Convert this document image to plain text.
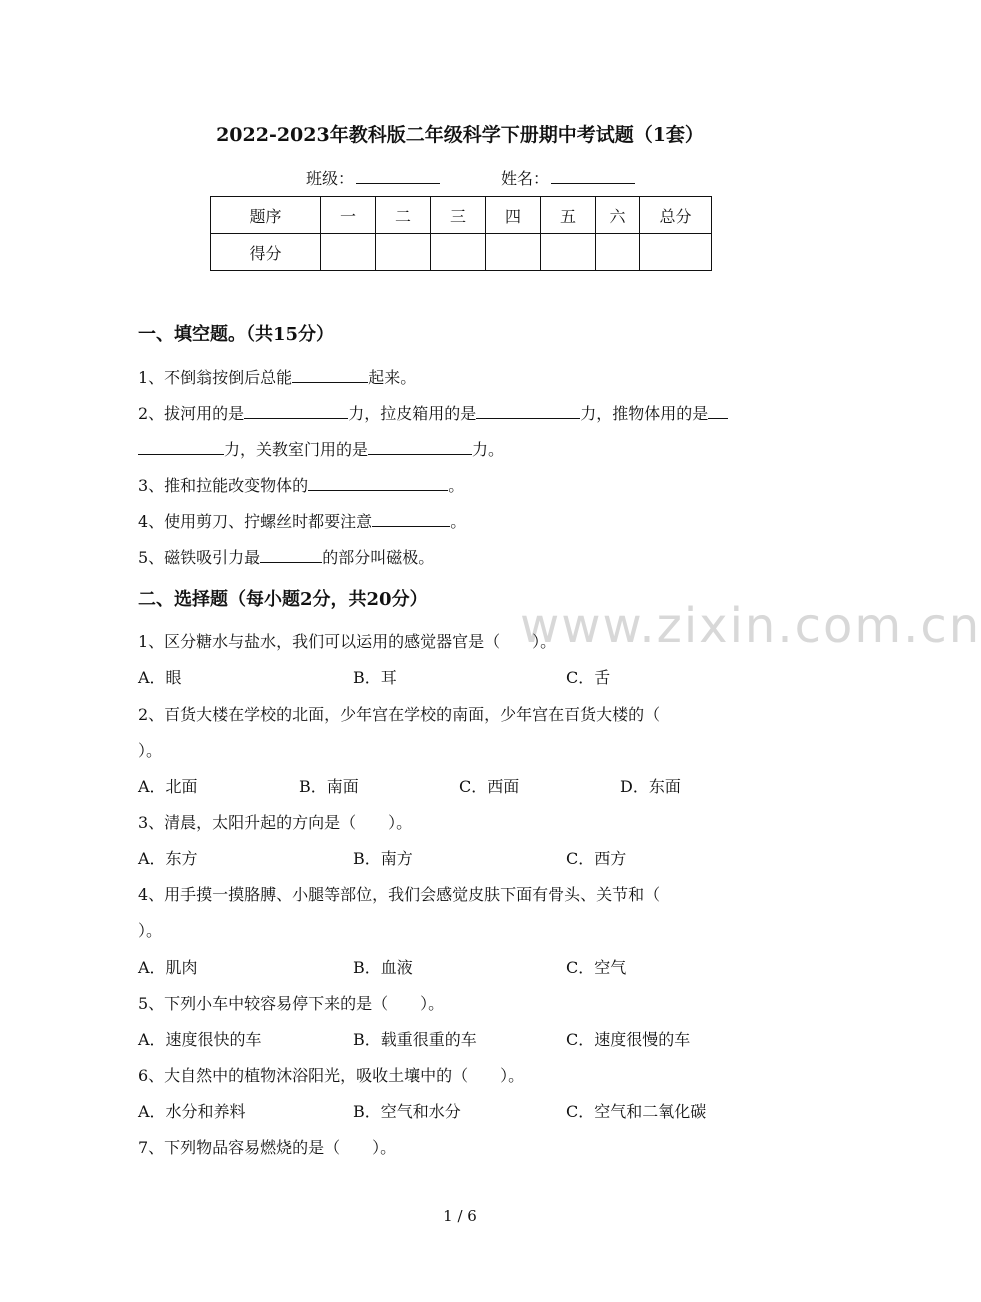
www.zixin.com.cn
2022-2023年教科版二年级科学下册期中考试题（1套）
班级：	姓名：
题序	一	二	三	四	五	六	总分
得分							
一、填空题。（共15分）
1、不倒翁按倒后总能	起来。
2、拔河用的是	力，拉皮箱用的是	力，推物体用的是
力，关教室门用的是	力。
3、推和拉能改变物体的	。
4、使用剪刀、拧螺丝时都要注意	。
5、磁铁吸引力最	的部分叫磁极。
二、选择题（每小题2分，共20分）
1、区分糖水与盐水，我们可以运用的感觉器官是（　　）。
A．眼	B．耳	C．舌
2、百货大楼在学校的北面，少年宫在学校的南面，少年宫在百货大楼的（
）。
A．北面	B．南面	C．西面	D．东面
3、清晨，太阳升起的方向是（　　）。
A．东方	B．南方	C．西方
4、用手摸一摸胳膊、小腿等部位，我们会感觉皮肤下面有骨头、关节和（
）。
A．肌肉	B．血液	C．空气
5、下列小车中较容易停下来的是（　　）。
A．速度很快的车	B．载重很重的车	C．速度很慢的车
6、大自然中的植物沐浴阳光，吸收土壤中的（　　）。
A．水分和养料	B．空气和水分	C．空气和二氧化碳
7、下列物品容易燃烧的是（　　）。
1 / 6
